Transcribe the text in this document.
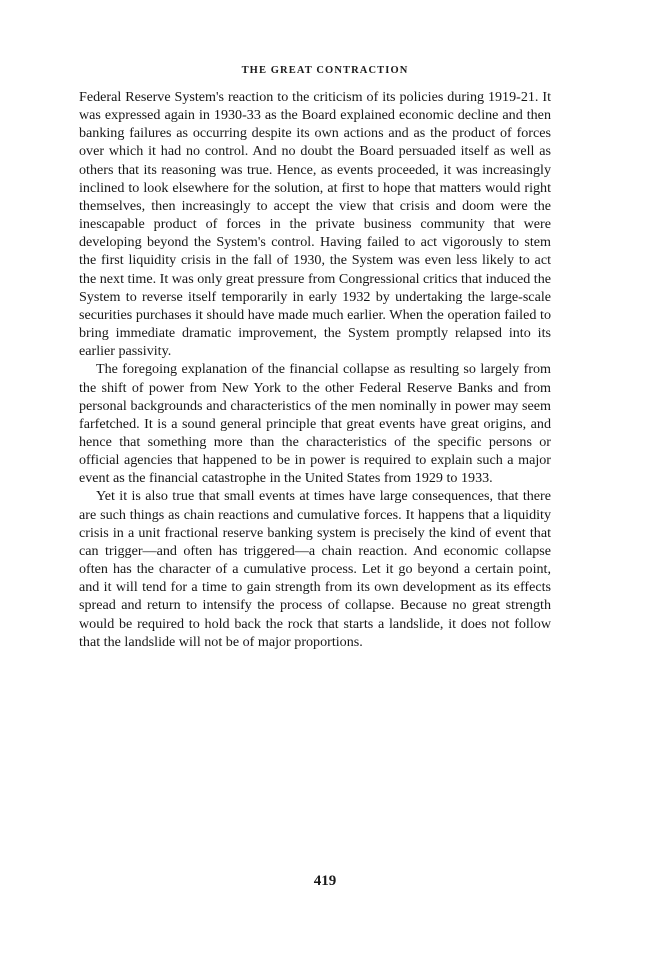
THE GREAT CONTRACTION

Federal Reserve System's reaction to the criticism of its policies during 1919-21. It was expressed again in 1930-33 as the Board explained economic decline and then banking failures as occurring despite its own actions and as the product of forces over which it had no control. And no doubt the Board persuaded itself as well as others that its reasoning was true. Hence, as events proceeded, it was increasingly inclined to look elsewhere for the solution, at first to hope that matters would right themselves, then increasingly to accept the view that crisis and doom were the inescapable product of forces in the private business community that were developing beyond the System's control. Having failed to act vigorously to stem the first liquidity crisis in the fall of 1930, the System was even less likely to act the next time. It was only great pressure from Congressional critics that induced the System to reverse itself temporarily in early 1932 by undertaking the large-scale securities purchases it should have made much earlier. When the operation failed to bring immediate dramatic improvement, the System promptly relapsed into its earlier passivity.

The foregoing explanation of the financial collapse as resulting so largely from the shift of power from New York to the other Federal Reserve Banks and from personal backgrounds and characteristics of the men nominally in power may seem farfetched. It is a sound general principle that great events have great origins, and hence that something more than the characteristics of the specific persons or official agencies that happened to be in power is required to explain such a major event as the financial catastrophe in the United States from 1929 to 1933.

Yet it is also true that small events at times have large consequences, that there are such things as chain reactions and cumulative forces. It happens that a liquidity crisis in a unit fractional reserve banking system is precisely the kind of event that can trigger—and often has triggered—a chain reaction. And economic collapse often has the character of a cumulative process. Let it go beyond a certain point, and it will tend for a time to gain strength from its own development as its effects spread and return to intensify the process of collapse. Because no great strength would be required to hold back the rock that starts a landslide, it does not follow that the landslide will not be of major proportions.

419
